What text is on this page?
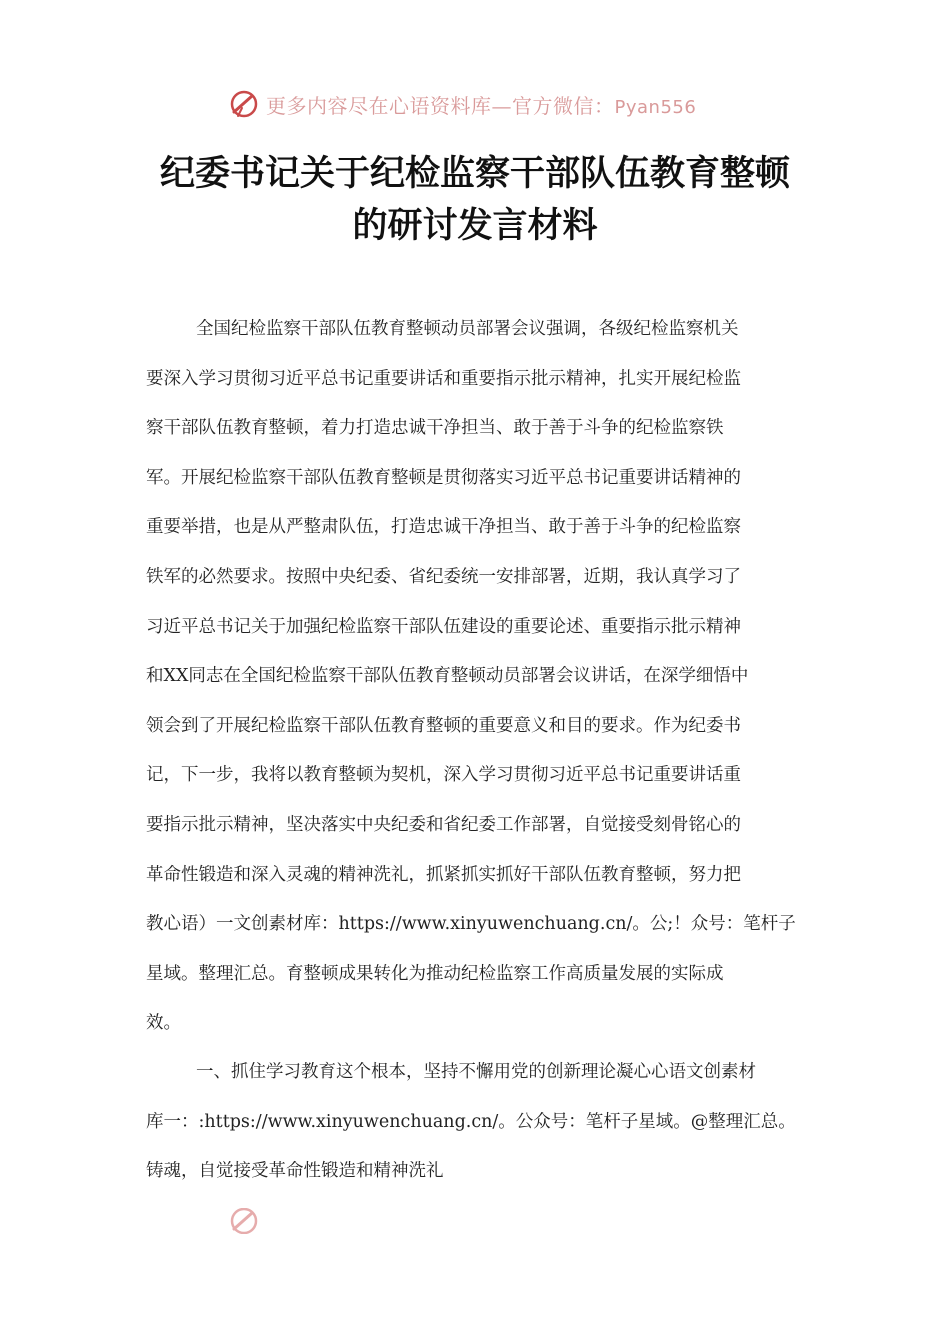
更多内容尽在心语资料库—官方微信：Pyan556
纪委书记关于纪检监察干部队伍教育整顿
的研讨发言材料
全国纪检监察干部队伍教育整顿动员部署会议强调，各级纪检监察机关
要深入学习贯彻习近平总书记重要讲话和重要指示批示精神，扎实开展纪检监
察干部队伍教育整顿，着力打造忠诚干净担当、敢于善于斗争的纪检监察铁
军。开展纪检监察干部队伍教育整顿是贯彻落实习近平总书记重要讲话精神的
重要举措，也是从严整肃队伍，打造忠诚干净担当、敢于善于斗争的纪检监察
铁军的必然要求。按照中央纪委、省纪委统一安排部署，近期，我认真学习了
习近平总书记关于加强纪检监察干部队伍建设的重要论述、重要指示批示精神
和XX同志在全国纪检监察干部队伍教育整顿动员部署会议讲话，在深学细悟中
领会到了开展纪检监察干部队伍教育整顿的重要意义和目的要求。作为纪委书
记，下一步，我将以教育整顿为契机，深入学习贯彻习近平总书记重要讲话重
要指示批示精神，坚决落实中央纪委和省纪委工作部署，自觉接受刻骨铭心的
革命性锻造和深入灵魂的精神洗礼，抓紧抓实抓好干部队伍教育整顿，努力把
教心语）一文创素材库：https://www.xinyuwenchuang.cn/。公;！众号：笔杆子
星域。整理汇总。育整顿成果转化为推动纪检监察工作高质量发展的实际成
效。
一、抓住学习教育这个根本，坚持不懈用党的创新理论凝心心语文创素材
库一：:https://www.xinyuwenchuang.cn/。公众号：笔杆子星域。@整理汇总。
铸魂，自觉接受革命性锻造和精神洗礼
